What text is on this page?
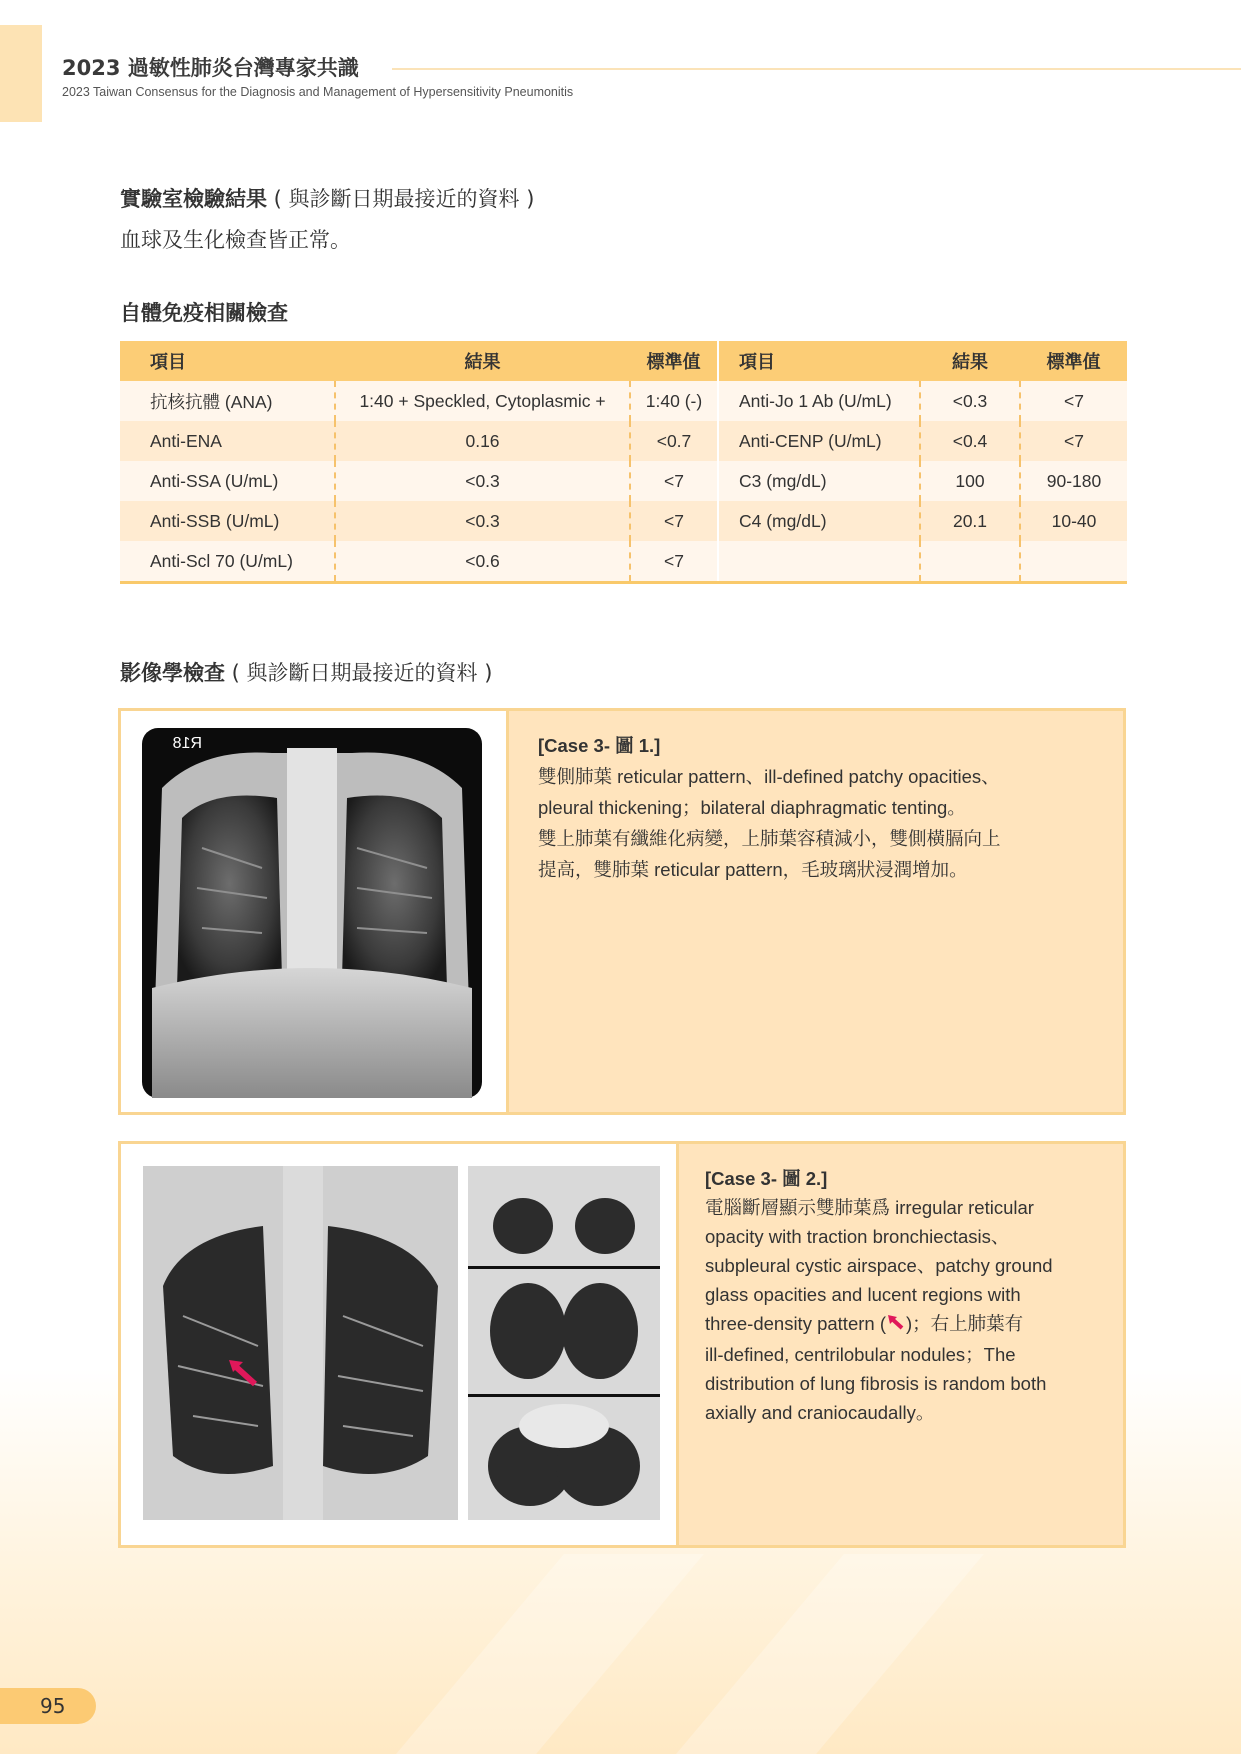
2023 過敏性肺炎台灣專家共識
2023 Taiwan Consensus for the Diagnosis and Management of Hypersensitivity Pneumonitis
實驗室檢驗結果 ( 與診斷日期最接近的資料 )
血球及生化檢查皆正常。
自體免疫相關檢查
項目	結果	標準值	項目	結果	標準值
抗核抗體 (ANA)	1:40 + Speckled, Cytoplasmic +	1:40 (-)	Anti-Jo 1 Ab (U/mL)	<0.3	<7
Anti-ENA	0.16	<0.7	Anti-CENP (U/mL)	<0.4	<7
Anti-SSA (U/mL)	<0.3	<7	C3 (mg/dL)	100	90-180
Anti-SSB (U/mL)	<0.3	<7	C4 (mg/dL)	20.1	10-40
Anti-Scl 70 (U/mL)	<0.6	<7			
影像學檢查 ( 與診斷日期最接近的資料 )
R18	[Case 3- 圖 1.]
雙側肺葉 reticular pattern、ill-defined patchy opacities、
pleural thickening；bilateral diaphragmatic tenting。
雙上肺葉有纖維化病變，上肺葉容積減小，雙側橫膈向上
提高，雙肺葉 reticular pattern，毛玻璃狀浸潤增加。
[Case 3- 圖 2.]
電腦斷層顯示雙肺葉爲 irregular reticular
opacity with traction bronchiectasis、
subpleural cystic airspace、patchy ground
glass opacities and lucent regions with
three-density pattern ( )；右上肺葉有
ill-defined, centrilobular nodules；The
distribution of lung fibrosis is random both
axially and craniocaudally。
95
